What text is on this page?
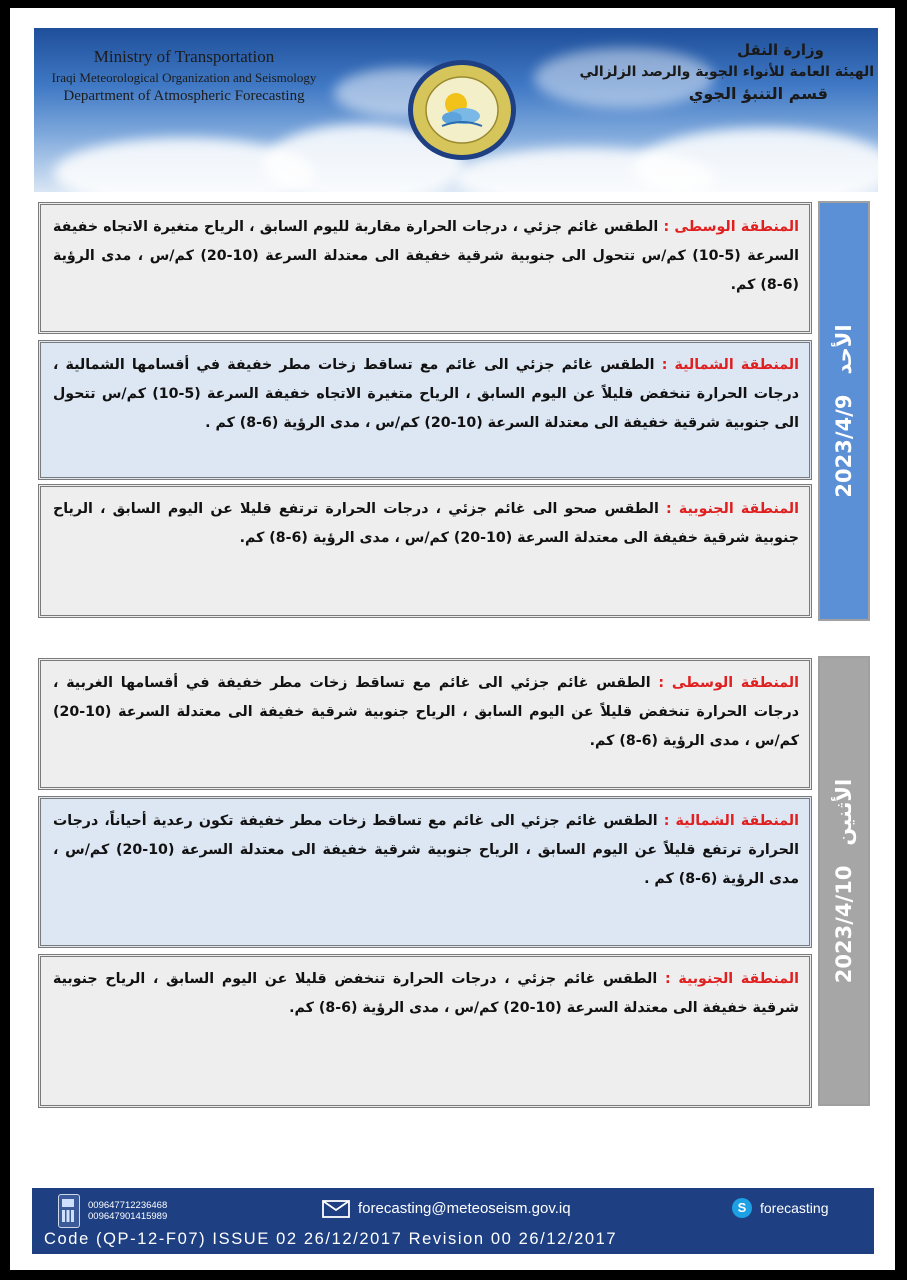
Ministry of Transportation
Iraqi Meteorological Organization and Seismology
Department of Atmospheric Forecasting
وزارة النقل
الهيئة العامة للأنواء الجوية والرصد الزلزالي
قسم التنبؤ الجوي
المنطقة الوسطى : الطقس غائم جزئي ، درجات الحرارة مقاربة لليوم السابق ، الرياح متغيرة الاتجاه خفيفة السرعة (5-10) كم/س تتحول الى جنوبية شرقية خفيفة الى معتدلة السرعة (10-20) كم/س ، مدى الرؤية (6-8) كم.
المنطقة الشمالية : الطقس غائم جزئي الى غائم مع تساقط زخات مطر خفيفة في أقسامها الشمالية ، درجات الحرارة تنخفض قليلاً عن اليوم السابق ، الرياح متغيرة الاتجاه خفيفة السرعة (5-10) كم/س تتحول الى جنوبية شرقية خفيفة الى معتدلة السرعة (10-20) كم/س ، مدى الرؤية (6-8) كم .
المنطقة الجنوبية : الطقس صحو الى غائم جزئي ، درجات الحرارة ترتفع قليلا عن اليوم السابق ، الرياح جنوبية شرقية خفيفة الى معتدلة السرعة (10-20) كم/س ، مدى الرؤية (6-8) كم.
الأحد2023/4/9
المنطقة الوسطى : الطقس غائم جزئي الى غائم مع تساقط زخات مطر خفيفة في أقسامها الغربية ، درجات الحرارة تنخفض قليلاً عن اليوم السابق ، الرياح جنوبية شرقية خفيفة الى معتدلة السرعة (10-20) كم/س ، مدى الرؤية (6-8) كم.
المنطقة الشمالية : الطقس غائم جزئي الى غائم مع تساقط زخات مطر خفيفة تكون رعدية أحياناً، درجات الحرارة ترتفع قليلاً عن اليوم السابق ، الرياح جنوبية شرقية خفيفة الى معتدلة السرعة (10-20) كم/س ، مدى الرؤية (6-8) كم .
المنطقة الجنوبية : الطقس غائم جزئي ، درجات الحرارة تنخفض قليلا عن اليوم السابق ، الرياح جنوبية شرقية خفيفة الى معتدلة السرعة (10-20) كم/س ، مدى الرؤية (6-8) كم.
الأثنين2023/4/10
009647712236468
009647901415989	forecasting@meteoseism.gov.iq	S forecasting
Code (QP-12-F07) ISSUE 02 26/12/2017 Revision 00 26/12/2017
